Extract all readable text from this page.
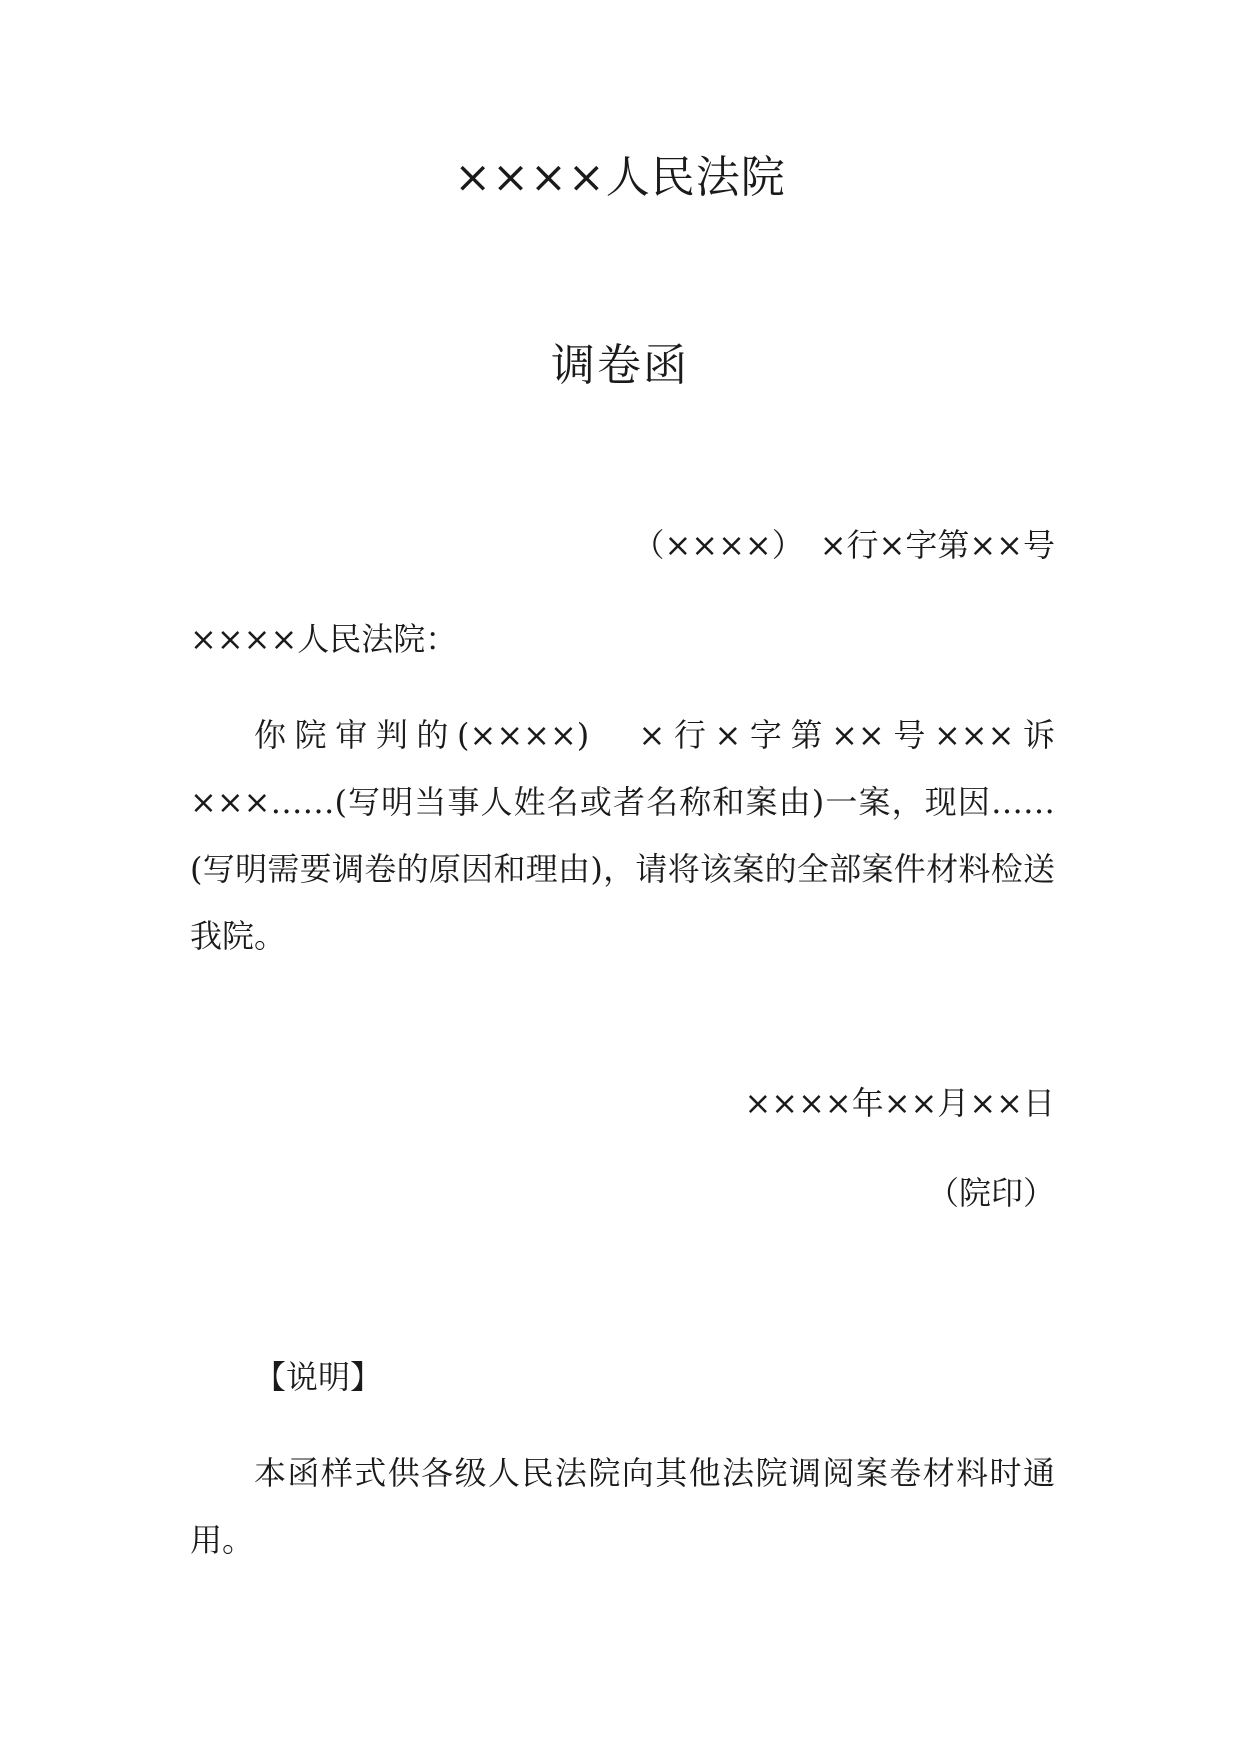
××××人民法院
调卷函
（××××）　×行×字第××号
××××人民法院：

你院审判的(××××)　×行×字第××号×××诉×××……(写明当事人姓名或者名称和案由)一案，现因……(写明需要调卷的原因和理由)，请将该案的全部案件材料检送我院。

××××年××月××日
（院印）
【说明】

本函样式供各级人民法院向其他法院调阅案卷材料时通用。
